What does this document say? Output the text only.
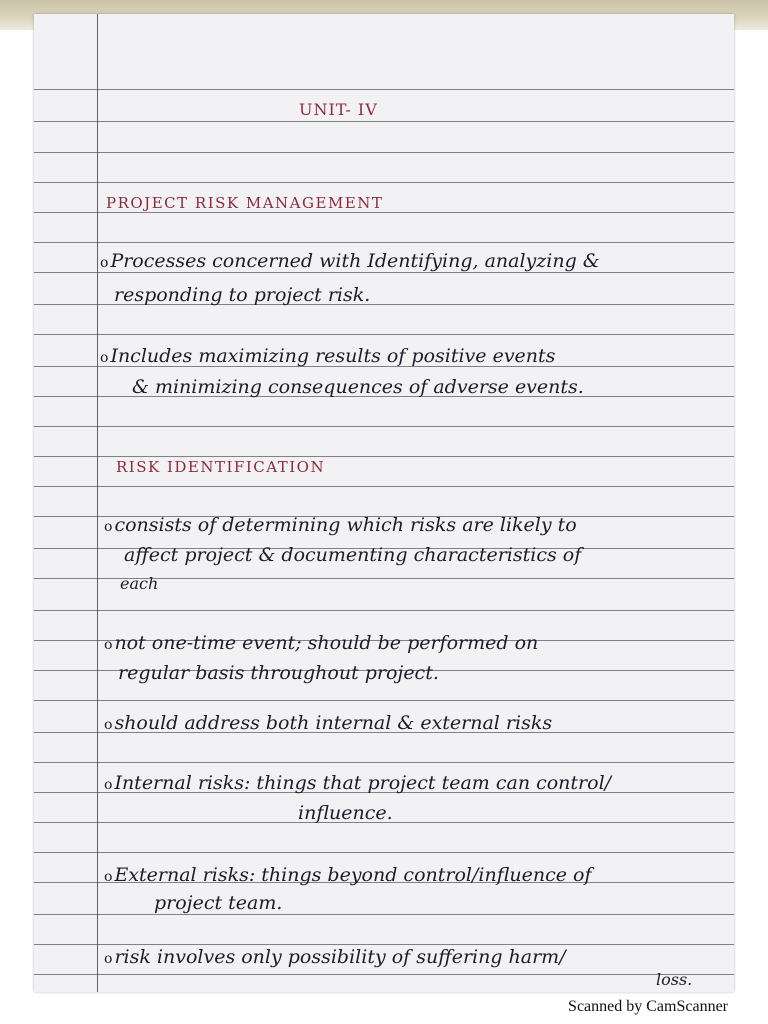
UNIT- IV
PROJECT RISK MANAGEMENT
o Processes concerned with Identifying, analyzing &
responding to project risk.
o Includes maximizing results of positive events
& minimizing consequences of adverse events.
RISK IDENTIFICATION
o consists of determining which risks are likely to
affect project & documenting characteristics of
each
o not one-time event; should be performed on
regular basis throughout project.
o should address both internal & external risks
o Internal risks: things that project team can control/
influence.
o External risks: things beyond control/influence of
project team.
o risk involves only possibility of suffering harm/
loss.
Scanned by CamScanner
